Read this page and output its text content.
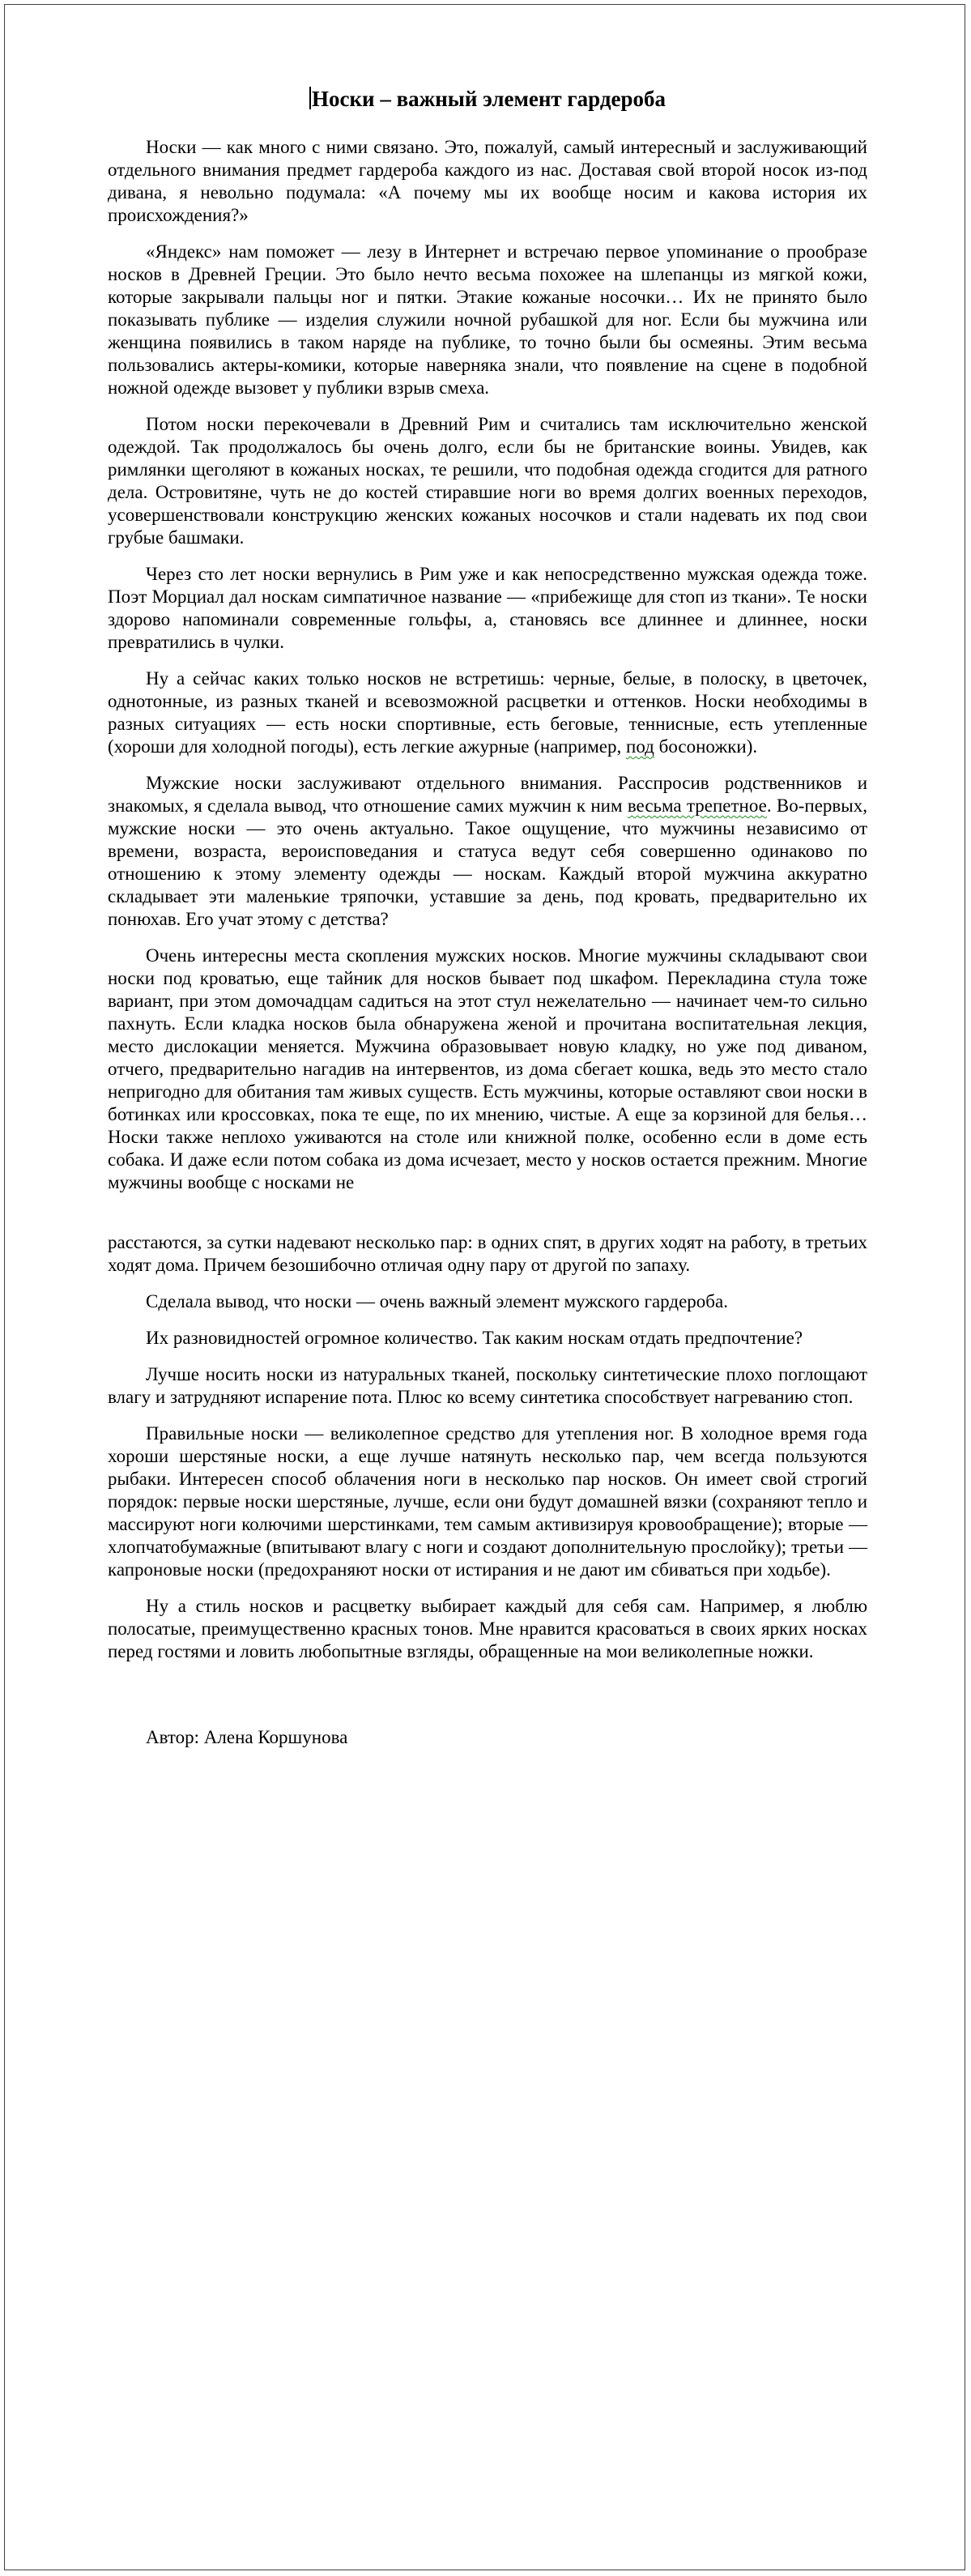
Носки – важный элемент гардероба

Носки — как много с ними связано. Это, пожалуй, самый интересный и заслуживающий отдельного внимания предмет гардероба каждого из нас. Доставая свой второй носок из-под дивана, я невольно подумала: «А почему мы их вообще носим и какова история их происхождения?»

«Яндекс» нам поможет — лезу в Интернет и встречаю первое упоминание о прообразе носков в Древней Греции. Это было нечто весьма похожее на шлепанцы из мягкой кожи, которые закрывали пальцы ног и пятки. Этакие кожаные носочки… Их не принято было показывать публике — изделия служили ночной рубашкой для ног. Если бы мужчина или женщина появились в таком наряде на публике, то точно были бы осмеяны. Этим весьма пользовались актеры-комики, которые наверняка знали, что появление на сцене в подобной ножной одежде вызовет у публики взрыв смеха.

Потом носки перекочевали в Древний Рим и считались там исключительно женской одеждой. Так продолжалось бы очень долго, если бы не британские воины. Увидев, как римлянки щеголяют в кожаных носках, те решили, что подобная одежда сгодится для ратного дела. Островитяне, чуть не до костей стиравшие ноги во время долгих военных переходов, усовершенствовали конструкцию женских кожаных носочков и стали надевать их под свои грубые башмаки.

Через сто лет носки вернулись в Рим уже и как непосредственно мужская одежда тоже. Поэт Морциал дал носкам симпатичное название — «прибежище для стоп из ткани». Те носки здорово напоминали современные гольфы, а, становясь все длиннее и длиннее, носки превратились в чулки.

Ну а сейчас каких только носков не встретишь: черные, белые, в полоску, в цветочек, однотонные, из разных тканей и всевозможной расцветки и оттенков. Носки необходимы в разных ситуациях — есть носки спортивные, есть беговые, теннисные, есть утепленные (хороши для холодной погоды), есть легкие ажурные (например, под босоножки).

Мужские носки заслуживают отдельного внимания. Расспросив родственников и знакомых, я сделала вывод, что отношение самих мужчин к ним весьма трепетное. Во-первых, мужские носки — это очень актуально. Такое ощущение, что мужчины независимо от времени, возраста, вероисповедания и статуса ведут себя совершенно одинаково по отношению к этому элементу одежды — носкам. Каждый второй мужчина аккуратно складывает эти маленькие тряпочки, уставшие за день, под кровать, предварительно их понюхав. Его учат этому с детства?

Очень интересны места скопления мужских носков. Многие мужчины складывают свои носки под кроватью, еще тайник для носков бывает под шкафом. Перекладина стула тоже вариант, при этом домочадцам садиться на этот стул нежелательно — начинает чем-то сильно пахнуть. Если кладка носков была обнаружена женой и прочитана воспитательная лекция, место дислокации меняется. Мужчина образовывает новую кладку, но уже под диваном, отчего, предварительно нагадив на интервентов, из дома сбегает кошка, ведь это место стало непригодно для обитания там живых существ. Есть мужчины, которые оставляют свои носки в ботинках или кроссовках, пока те еще, по их мнению, чистые. А еще за корзиной для белья… Носки также неплохо уживаются на столе или книжной полке, особенно если в доме есть собака. И даже если потом собака из дома исчезает, место у носков остается прежним. Многие мужчины вообще с носками не

расстаются, за сутки надевают несколько пар: в одних спят, в других ходят на работу, в третьих ходят дома. Причем безошибочно отличая одну пару от другой по запаху.

Сделала вывод, что носки — очень важный элемент мужского гардероба.

Их разновидностей огромное количество. Так каким носкам отдать предпочтение?

Лучше носить носки из натуральных тканей, поскольку синтетические плохо поглощают влагу и затрудняют испарение пота. Плюс ко всему синтетика способствует нагреванию стоп.

Правильные носки — великолепное средство для утепления ног. В холодное время года хороши шерстяные носки, а еще лучше натянуть несколько пар, чем всегда пользуются рыбаки. Интересен способ облачения ноги в несколько пар носков. Он имеет свой строгий порядок: первые носки шерстяные, лучше, если они будут домашней вязки (сохраняют тепло и массируют ноги колючими шерстинками, тем самым активизируя кровообращение); вторые — хлопчатобумажные (впитывают влагу с ноги и создают дополнительную прослойку); третьи — капроновые носки (предохраняют носки от истирания и не дают им сбиваться при ходьбе).

Ну а стиль носков и расцветку выбирает каждый для себя сам. Например, я люблю полосатые, преимущественно красных тонов. Мне нравится красоваться в своих ярких носках перед гостями и ловить любопытные взгляды, обращенные на мои великолепные ножки.

Автор: Алена Коршунова
